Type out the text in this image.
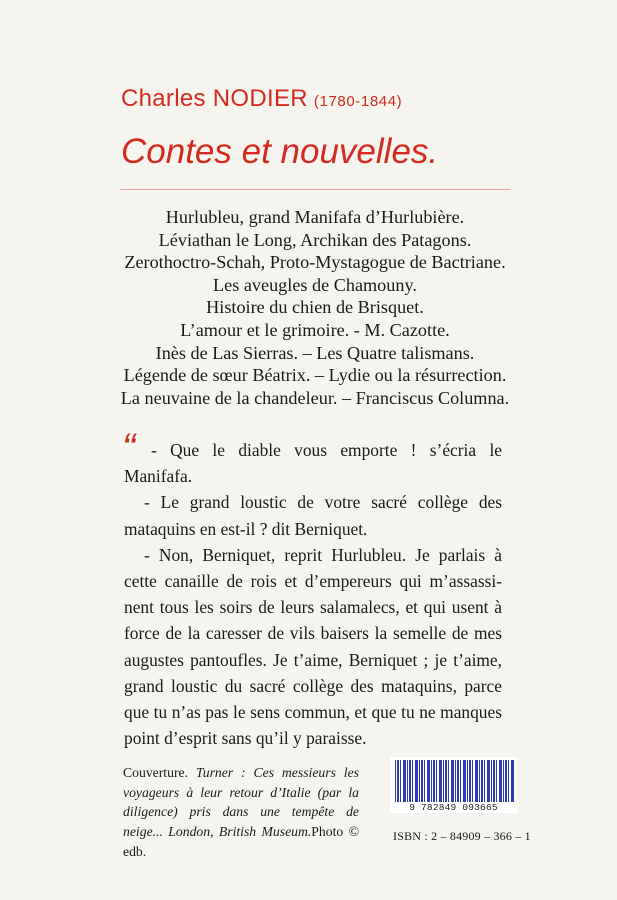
Charles NODIER (1780-1844)
Contes et nouvelles.
Hurlubleu, grand Manifafa d’Hurlubière.
Léviathan le Long, Archikan des Patagons.
Zerothoctro-Schah, Proto-Mystagogue de Bactriane.
Les aveugles de Chamouny.
Histoire du chien de Brisquet.
L’amour et le grimoire. - M. Cazotte.
Inès de Las Sierras. – Les Quatre talismans.
Légende de sœur Béatrix. – Lydie ou la résurrection.
La neuvaine de la chandeleur. – Franciscus Columna.
“ - Que le diable vous emporte ! s’écria le Manifafa.

- Le grand loustic de votre sacré collège des mataquins en est-il ? dit Berniquet.

- Non, Berniquet, reprit Hurlubleu. Je parlais à cette canaille de rois et d’empereurs qui m’assassinent tous les soirs de leurs salamalecs, et qui usent à force de la caresser de vils baisers la semelle de mes augustes pantoufles. Je t’aime, Berniquet ; je t’aime, grand loustic du sacré collège des mataquins, parce que tu n’as pas le sens commun, et que tu ne manques point d’esprit sans qu’il y paraisse.

Couverture. Turner : Ces messieurs les voyageurs à leur retour d’Italie (par la diligence) pris dans une tempête de neige... London, British Museum.Photo © edb.
9 782849 093665
ISBN : 2 – 84909 – 366 – 1
